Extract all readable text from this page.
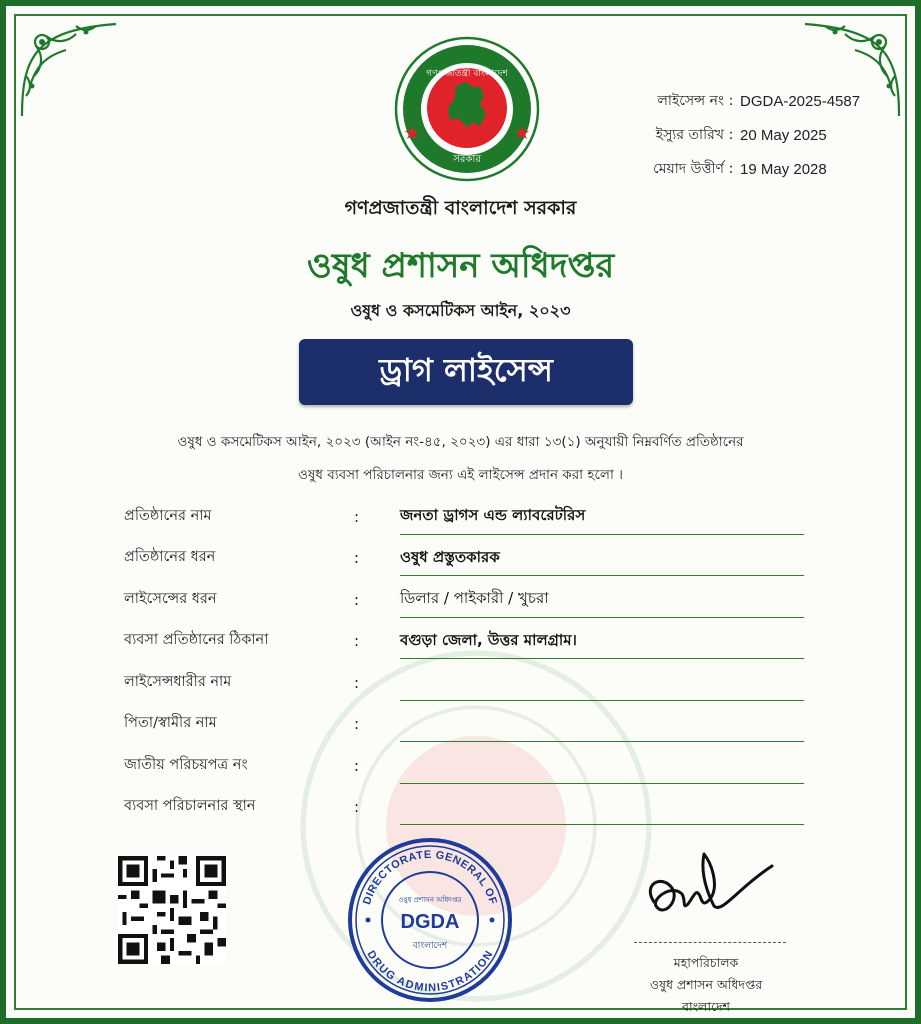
গণপ্রজাতন্ত্রী বাংলাদেশ
সরকার
লাইসেন্স নং : DGDA-2025-4587
ইস্যুর তারিখ : 20 May 2025
মেয়াদ উত্তীর্ণ : 19 May 2028
গণপ্রজাতন্ত্রী বাংলাদেশ সরকার
ওষুধ প্রশাসন অধিদপ্তর
ওষুধ ও কসমেটিকস আইন, ২০২৩
ড্রাগ লাইসেন্স
ওষুধ ও কসমেটিকস আইন, ২০২৩ (আইন নং-৪৫, ২০২৩) এর ধারা ১৩(১) অনুযায়ী নিম্নবর্ণিত প্রতিষ্ঠানের
ওষুধ ব্যবসা পরিচালনার জন্য এই লাইসেন্স প্রদান করা হলো ।
প্রতিষ্ঠানের নাম	:	জনতা ড্রাগস এন্ড ল্যাবরেটরিস
প্রতিষ্ঠানের ধরন	:	ওষুধ প্রস্তুতকারক
লাইসেন্সের ধরন	:	ডিলার / পাইকারী / খুচরা
ব্যবসা প্রতিষ্ঠানের ঠিকানা	:	বগুড়া জেলা, উত্তর মালগ্রাম।
লাইসেন্সধারীর নাম	:
পিতা/স্বামীর নাম	:
জাতীয় পরিচয়পত্র নং	:
ব্যবসা পরিচালনার স্থান	:
DIRECTORATE GENERAL OF
DRUG ADMINISTRATION
ওষুধ প্রশাসন অধিদপ্তর
DGDA
বাংলাদেশ
মহাপরিচালক
ওষুধ প্রশাসন অধিদপ্তর
বাংলাদেশ
